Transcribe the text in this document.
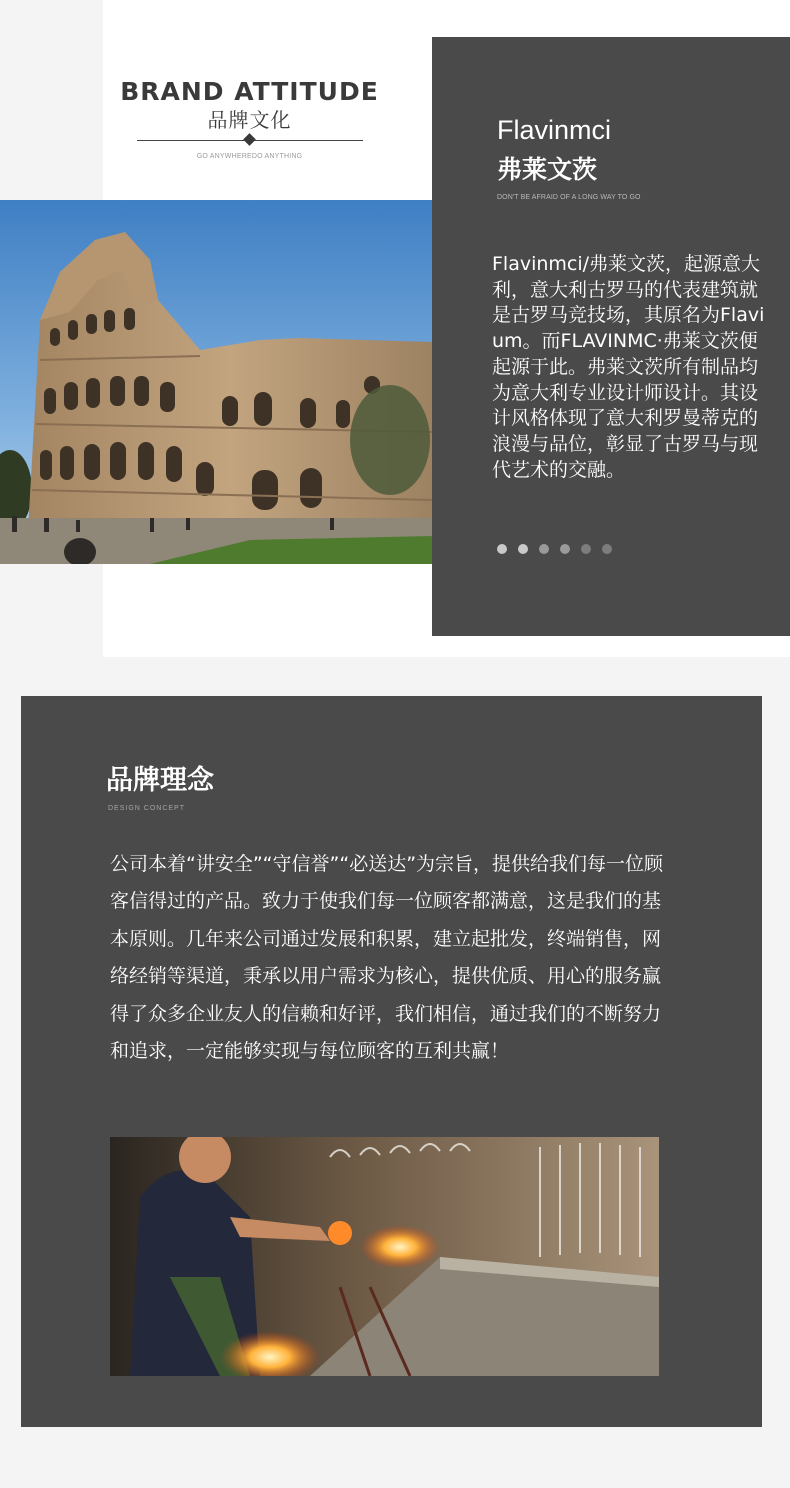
BRAND ATTITUDE
品牌文化
GO ANYWHEREDO ANYTHING
Flavinmci
弗莱文茨
DON'T BE AFRAID OF A LONG WAY TO GO
Flavinmci/弗莱文茨，起源意大利，意大利古罗马的代表建筑就是古罗马竞技场，其原名为Flavium。而FLAVINMC·弗莱文茨便起源于此。弗莱文茨所有制品均为意大利专业设计师设计。其设计风格体现了意大利罗曼蒂克的浪漫与品位，彰显了古罗马与现代艺术的交融。
品牌理念
DESIGN CONCEPT
公司本着“讲安全”“守信誉”“必送达”为宗旨，提供给我们每一位顾客信得过的产品。致力于使我们每一位顾客都满意，这是我们的基本原则。几年来公司通过发展和积累，建立起批发，终端销售，网络经销等渠道，秉承以用户需求为核心，提供优质、用心的服务赢得了众多企业友人的信赖和好评，我们相信，通过我们的不断努力和追求，一定能够实现与每位顾客的互利共赢！
